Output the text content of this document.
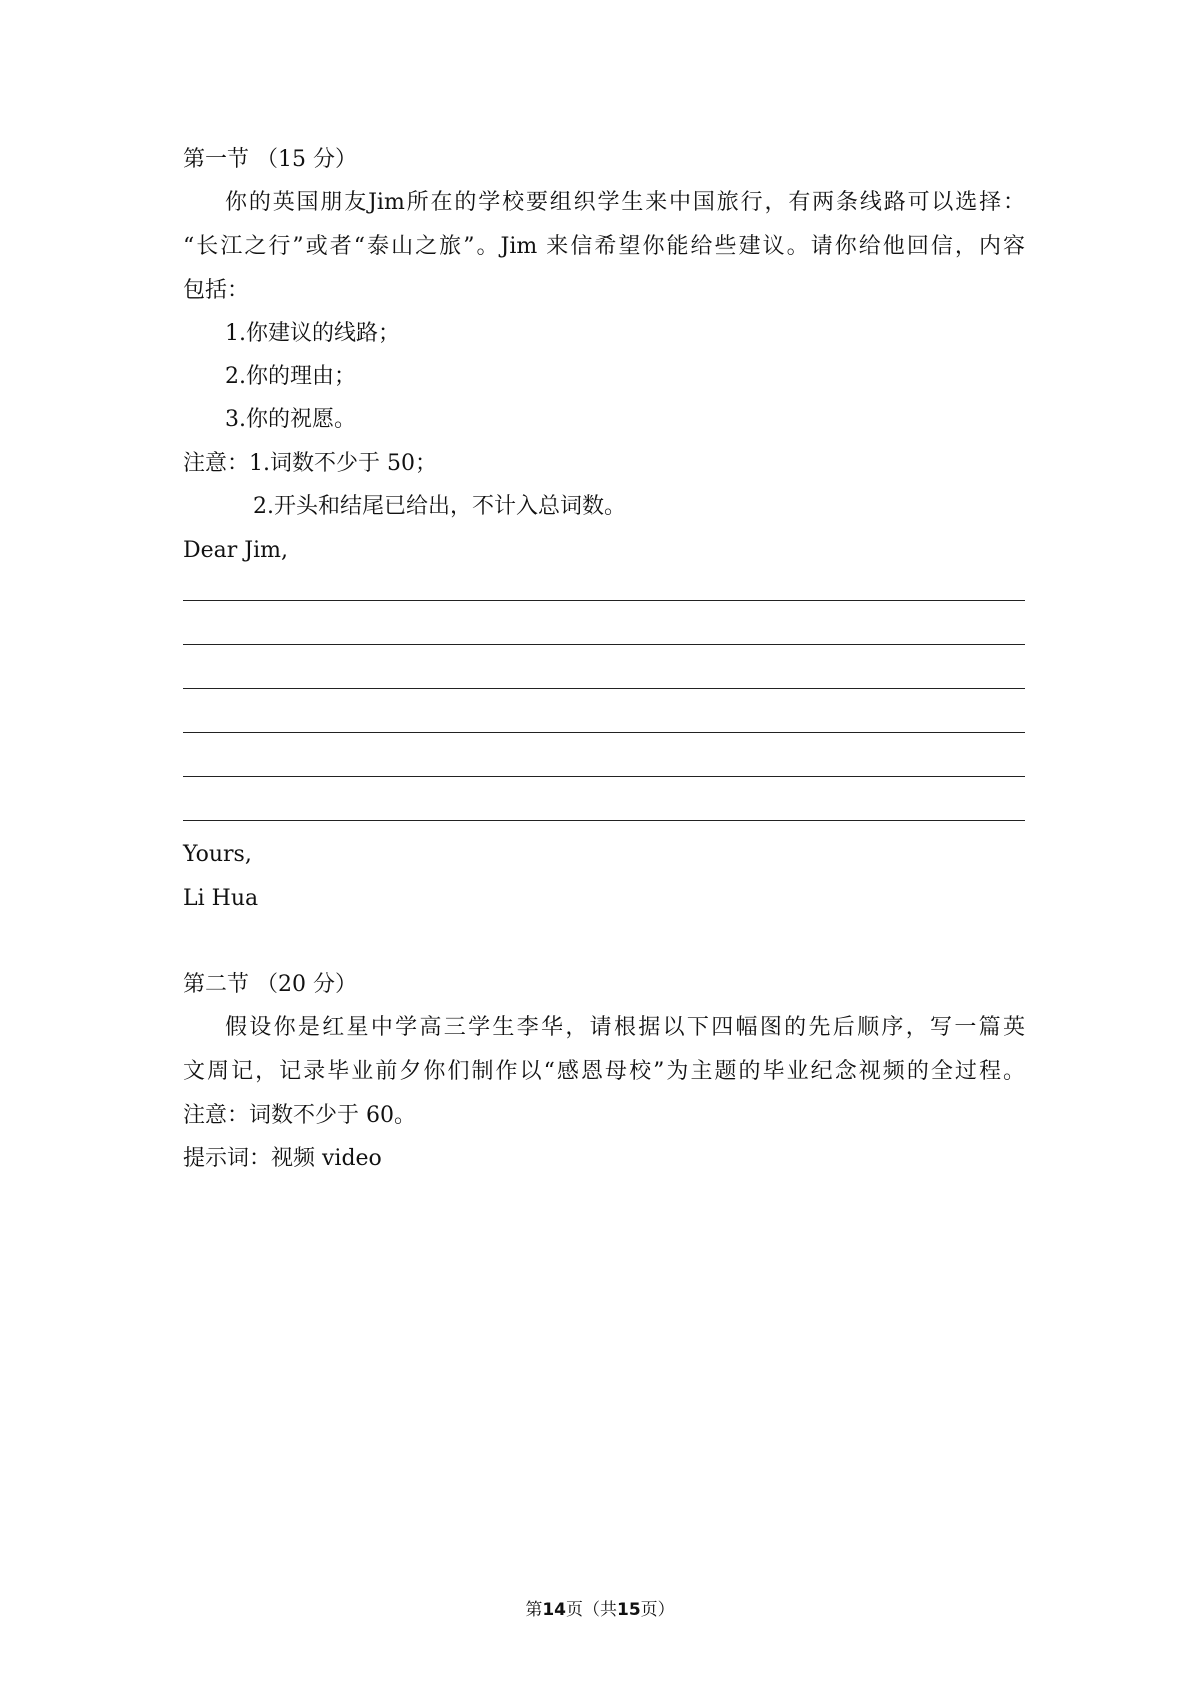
第一节 （15 分）
你的英国朋友Jim所在的学校要组织学生来中国旅行，有两条线路可以选择：
“长江之行”或者“泰山之旅”。Jim 来信希望你能给些建议。请你给他回信，内容
包括：
1.你建议的线路；
2.你的理由；
3.你的祝愿。
注意：1.词数不少于 50；
2.开头和结尾已给出，不计入总词数。
Dear Jim,
Yours,
Li Hua
第二节 （20 分）
假设你是红星中学高三学生李华，请根据以下四幅图的先后顺序，写一篇英
文周记，记录毕业前夕你们制作以“感恩母校”为主题的毕业纪念视频的全过程。
注意：词数不少于 60。
提示词：视频 video
第14页（共15页）
